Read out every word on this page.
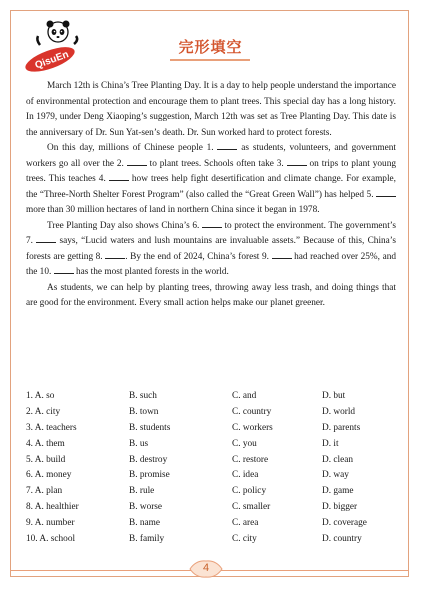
QisuEn
完形填空

March 12th is China’s Tree Planting Day. It is a day to help people understand the importance of environmental protection and encourage them to plant trees. This special day has a long history. In 1979, under Deng Xiaoping’s suggestion, March 12th was set as Tree Planting Day. This date is the anniversary of Dr. Sun Yat-sen’s death. Dr. Sun worked hard to protect forests.

On this day, millions of Chinese people 1.  as students, volunteers, and government workers go all over the 2.  to plant trees. Schools often take 3.  on trips to plant young trees. This teaches 4.  how trees help fight desertification and climate change. For example, the “Three-North Shelter Forest Program” (also called the “Great Green Wall”) has helped 5.  more than 30 million hectares of land in northern China since it began in 1978.

Tree Planting Day also shows China’s 6.  to protect the environment. The government’s 7.  says, “Lucid waters and lush mountains are invaluable assets.” Because of this, China’s forests are getting 8. . By the end of 2024, China’s forest 9.  had reached over 25%, and the 10.  has the most planted forests in the world.

As students, we can help by planting trees, throwing away less trash, and doing things that are good for the environment. Every small action helps make our planet greener.

1. A. so	B. such	C. and	D. but
2. A. city	B. town	C. country	D. world
3. A. teachers	B. students	C. workers	D. parents
4. A. them	B. us	C. you	D. it
5. A. build	B. destroy	C. restore	D. clean
6. A. money	B. promise	C. idea	D. way
7. A. plan	B. rule	C. policy	D. game
8. A. healthier	B. worse	C. smaller	D. bigger
9. A. number	B. name	C. area	D. coverage
10. A. school	B. family	C. city	D. country
4
